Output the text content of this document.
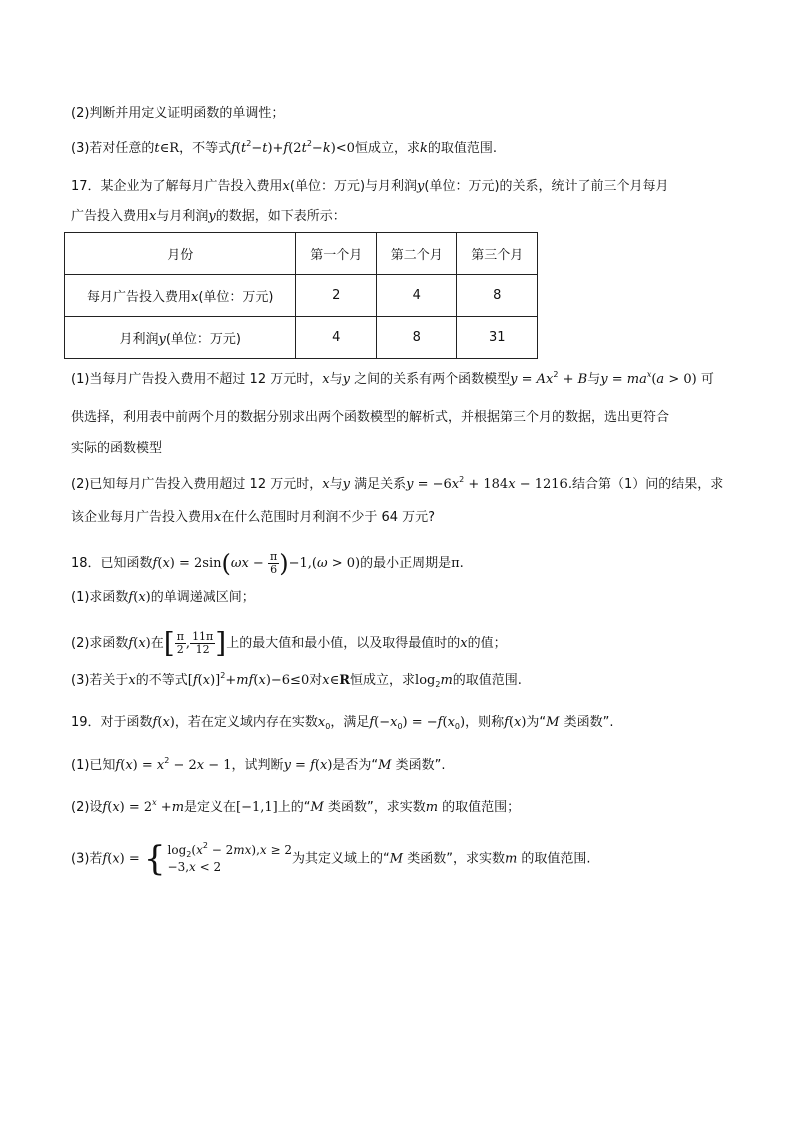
(2)判断并用定义证明函数的单调性；
(3)若对任意的t∈R，不等式$f(t^2-t)+f(2t^2-k)<0$恒成立，求k的取值范围.
17．某企业为了解每月广告投入费用x(单位：万元)与月利润y(单位：万元)的关系，统计了前三个月每月
广告投入费用x与月利润y的数据，如下表所示：
月份	第一个月	第二个月	第三个月
每月广告投入费用x(单位：万元)	2	4	8
月利润y(单位：万元)	4	8	31
(1)当每月广告投入费用不超过 12 万元时，x与y 之间的关系有两个函数模型$y = Ax^2 + B$与$y = ma^x(a > 0)$ 可
供选择，利用表中前两个月的数据分别求出两个函数模型的解析式，并根据第三个月的数据，选出更符合
实际的函数模型
(2)已知每月广告投入费用超过 12 万元时，x与y 满足关系$y = -6x^2 + 184x - 1216$.结合第（1）问的结果，求
该企业每月广告投入费用x在什么范围时月利润不少于 64 万元?
18．已知函数$f(x) = 2\sin(\omega x - \frac{\pi}{6} )-1,(\omega > 0)$的最小正周期是π.
(1)求函数f(x)的单调递减区间；
(2)求函数f(x)在[ $\frac{\pi}{2}$ , $\frac{11\pi}{12}$ ]上的最大值和最小值，以及取得最值时的x的值；
(3)若关于x的不等式$[f(x)]^2+mf(x)-6\le 0$对x∈R恒成立，求$\log_2m$的取值范围.
19．对于函数f(x)，若在定义域内存在实数$x_0$，满足$f(-x_0) = -f(x_0)$，则称f(x)为“M 类函数”.
(1)已知$f(x) = x^2 - 2x - 1$，试判断y = f(x)是否为“M 类函数”.
(2)设$f(x) = 2^x +m$是定义在[−1,1]上的“M 类函数”，求实数m 的取值范围；
(3)若f(x) = { $\log_2(x^2 - 2mx),x \ge 2$
−3,x < 2
为其定义域上的“M 类函数”，求实数m 的取值范围.
